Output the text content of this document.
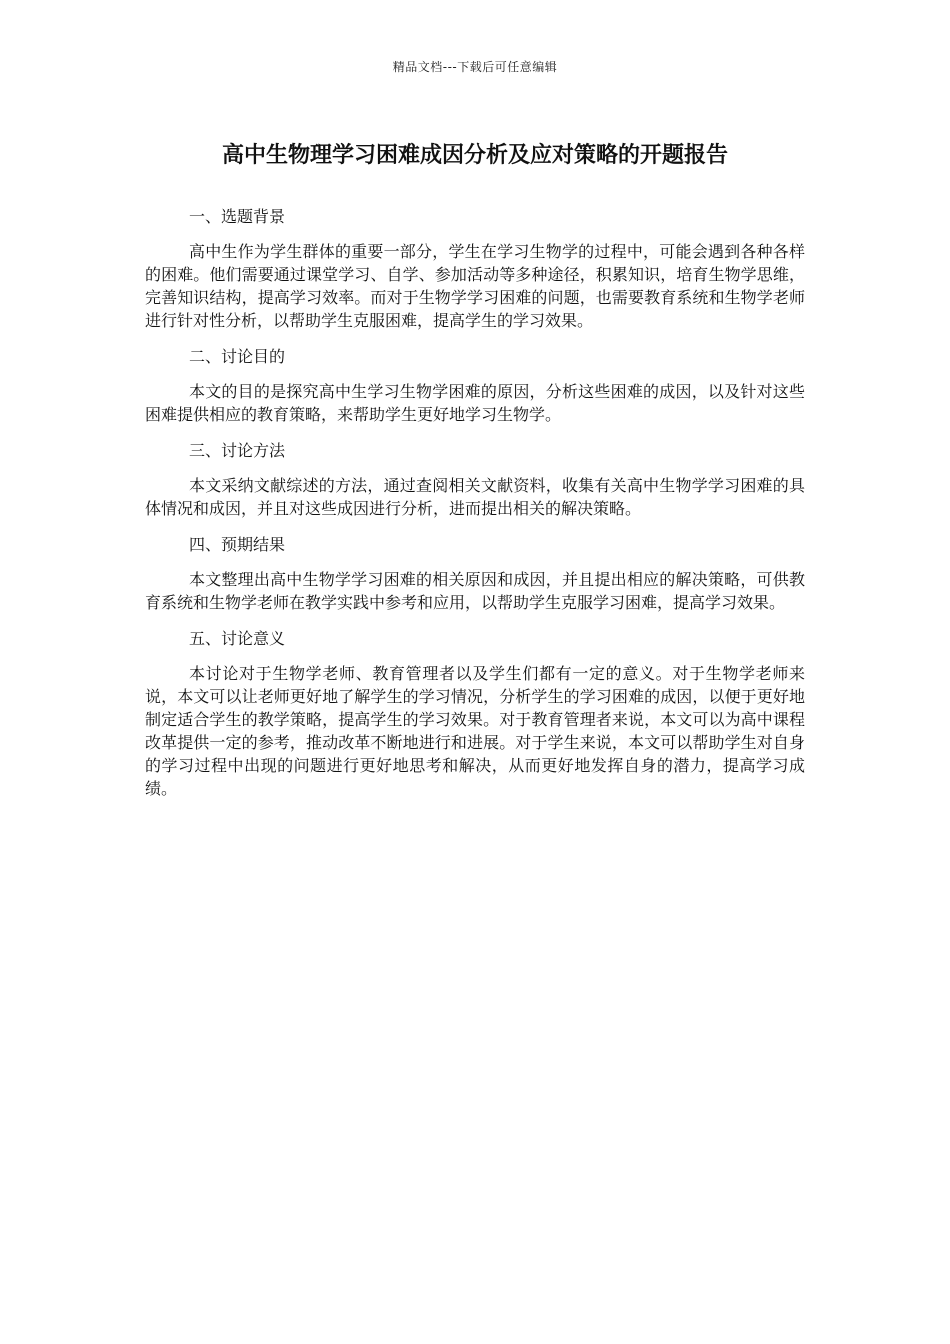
精品文档---下载后可任意编辑
高中生物理学习困难成因分析及应对策略的开题报告
一、选题背景

高中生作为学生群体的重要一部分，学生在学习生物学的过程中，可能会遇到各种各样的困难。他们需要通过课堂学习、自学、参加活动等多种途径，积累知识，培育生物学思维，完善知识结构，提高学习效率。而对于生物学学习困难的问题，也需要教育系统和生物学老师进行针对性分析，以帮助学生克服困难，提高学生的学习效果。

二、讨论目的

本文的目的是探究高中生学习生物学困难的原因，分析这些困难的成因，以及针对这些困难提供相应的教育策略，来帮助学生更好地学习生物学。

三、讨论方法

本文采纳文献综述的方法，通过查阅相关文献资料，收集有关高中生物学学习困难的具体情况和成因，并且对这些成因进行分析，进而提出相关的解决策略。

四、预期结果

本文整理出高中生物学学习困难的相关原因和成因，并且提出相应的解决策略，可供教育系统和生物学老师在教学实践中参考和应用，以帮助学生克服学习困难，提高学习效果。

五、讨论意义

本讨论对于生物学老师、教育管理者以及学生们都有一定的意义。对于生物学老师来说，本文可以让老师更好地了解学生的学习情况，分析学生的学习困难的成因，以便于更好地制定适合学生的教学策略，提高学生的学习效果。对于教育管理者来说，本文可以为高中课程改革提供一定的参考，推动改革不断地进行和进展。对于学生来说，本文可以帮助学生对自身的学习过程中出现的问题进行更好地思考和解决，从而更好地发挥自身的潜力，提高学习成绩。
